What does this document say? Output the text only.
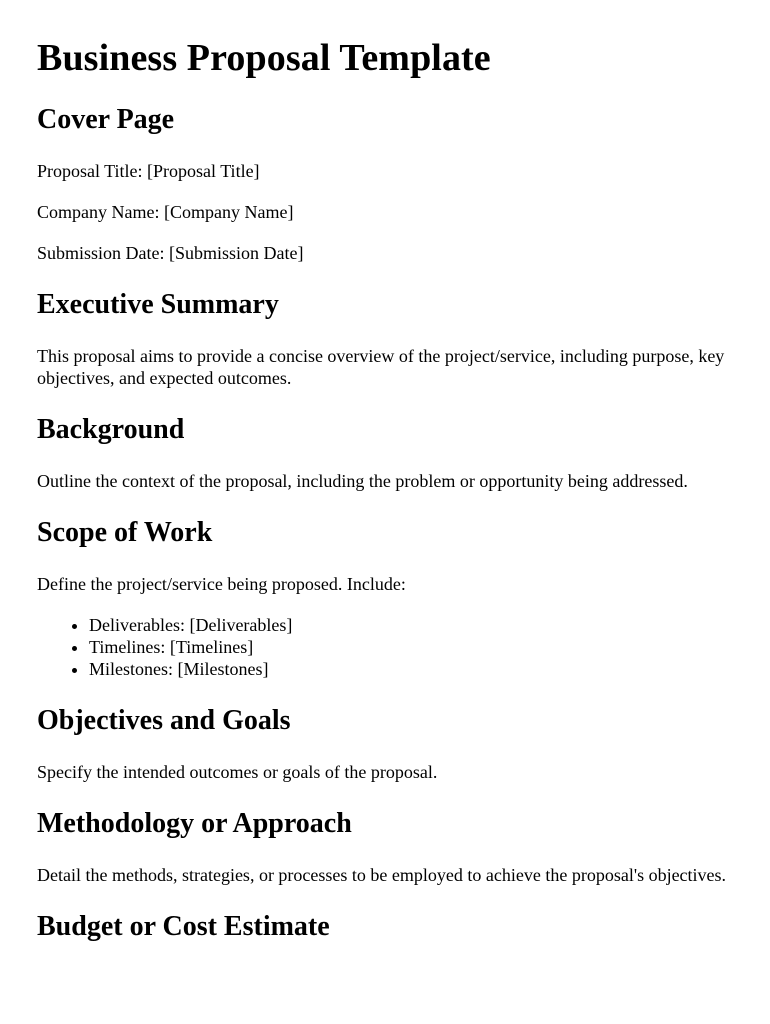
Business Proposal Template
Cover Page

Proposal Title: [Proposal Title]

Company Name: [Company Name]

Submission Date: [Submission Date]

Executive Summary

This proposal aims to provide a concise overview of the project/service, including purpose, key objectives, and expected outcomes.

Background

Outline the context of the proposal, including the problem or opportunity being addressed.

Scope of Work

Define the project/service being proposed. Include:

• Deliverables: [Deliverables]
• Timelines: [Timelines]
• Milestones: [Milestones]
Objectives and Goals

Specify the intended outcomes or goals of the proposal.

Methodology or Approach

Detail the methods, strategies, or processes to be employed to achieve the proposal's objectives.

Budget or Cost Estimate
